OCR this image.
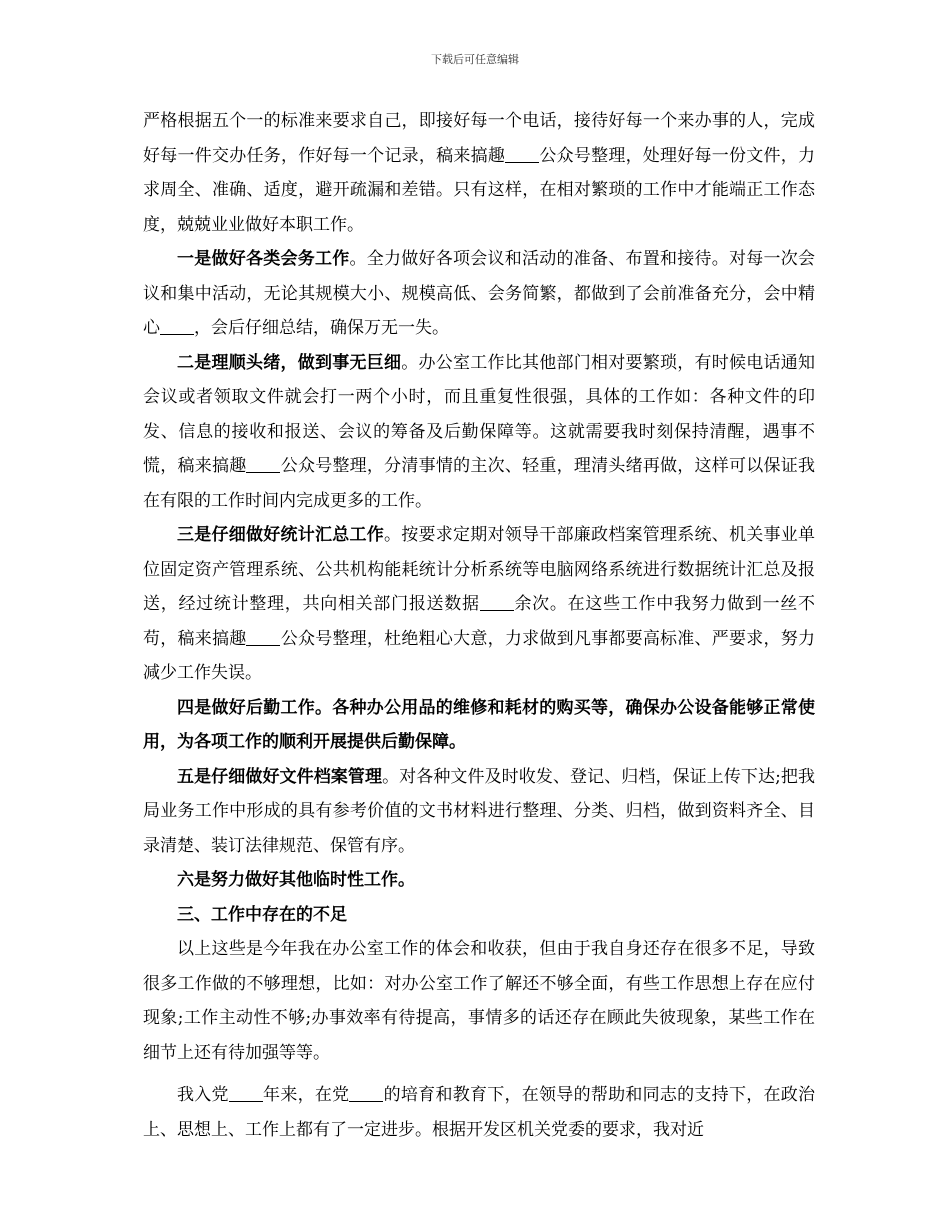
下载后可任意编辑

严格根据五个一的标准来要求自己，即接好每一个电话，接待好每一个来办事的人，完成好每一件交办任务，作好每一个记录，稿来搞趣 公众号整理，处理好每一份文件，力求周全、准确、适度，避开疏漏和差错。只有这样，在相对繁琐的工作中才能端正工作态度，兢兢业业做好本职工作。

一是做好各类会务工作。全力做好各项会议和活动的准备、布置和接待。对每一次会议和集中活动，无论其规模大小、规模高低、会务简繁，都做到了会前准备充分，会中精心 ，会后仔细总结，确保万无一失。

二是理顺头绪，做到事无巨细。办公室工作比其他部门相对要繁琐，有时候电话通知会议或者领取文件就会打一两个小时，而且重复性很强，具体的工作如：各种文件的印发、信息的接收和报送、会议的筹备及后勤保障等。这就需要我时刻保持清醒，遇事不慌，稿来搞趣 公众号整理，分清事情的主次、轻重，理清头绪再做，这样可以保证我在有限的工作时间内完成更多的工作。

三是仔细做好统计汇总工作。按要求定期对领导干部廉政档案管理系统、机关事业单位固定资产管理系统、公共机构能耗统计分析系统等电脑网络系统进行数据统计汇总及报送，经过统计整理，共向相关部门报送数据 余次。在这些工作中我努力做到一丝不苟，稿来搞趣 公众号整理，杜绝粗心大意，力求做到凡事都要高标准、严要求，努力减少工作失误。

四是做好后勤工作。各种办公用品的维修和耗材的购买等，确保办公设备能够正常使用，为各项工作的顺利开展提供后勤保障。

五是仔细做好文件档案管理。对各种文件及时收发、登记、归档，保证上传下达;把我局业务工作中形成的具有参考价值的文书材料进行整理、分类、归档，做到资料齐全、目录清楚、装订法律规范、保管有序。

六是努力做好其他临时性工作。

三、工作中存在的不足

以上这些是今年我在办公室工作的体会和收获，但由于我自身还存在很多不足，导致很多工作做的不够理想，比如：对办公室工作了解还不够全面，有些工作思想上存在应付现象;工作主动性不够;办事效率有待提高，事情多的话还存在顾此失彼现象，某些工作在细节上还有待加强等等。

我入党 年来，在党 的培育和教育下，在领导的帮助和同志的支持下，在政治上、思想上、工作上都有了一定进步。根据开发区机关党委的要求，我对近
